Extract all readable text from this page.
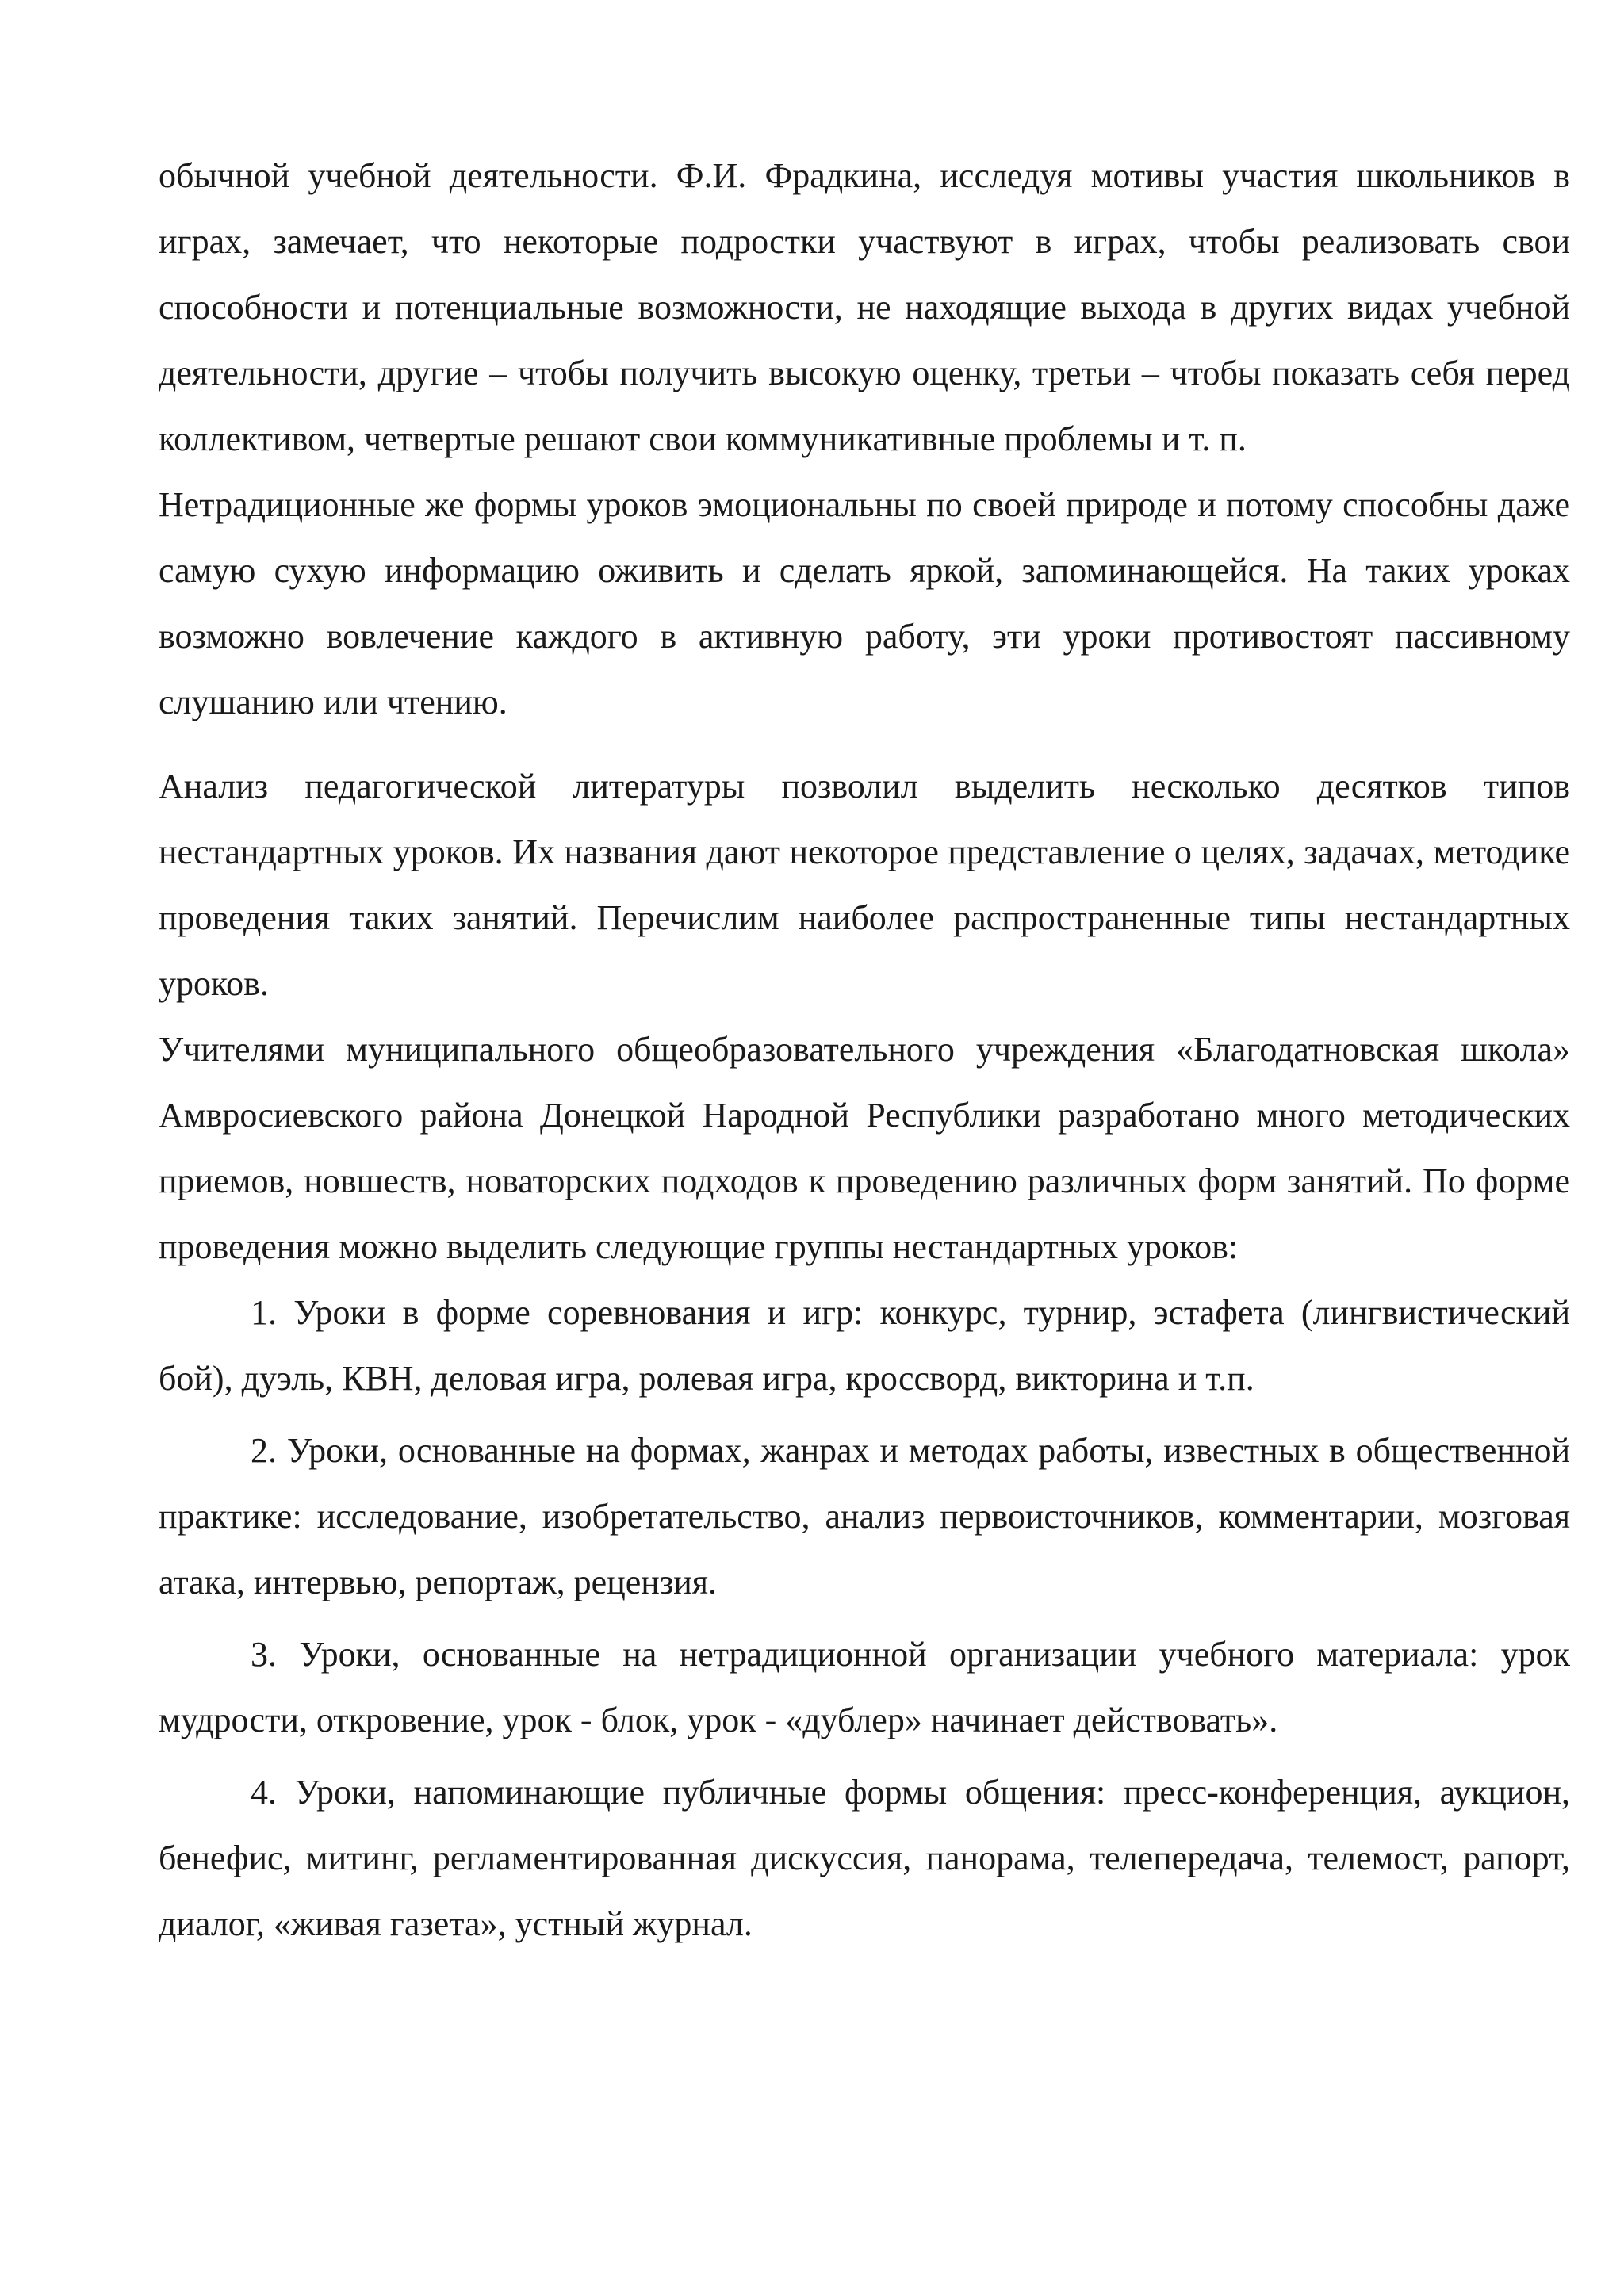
обычной учебной деятельности. Ф.И. Фрадкина, исследуя мотивы участия школьников в играх, замечает, что некоторые подростки участвуют в играх, чтобы реализовать свои способности и потенциальные возможности, не находящие выхода в других видах учебной деятельности, другие – чтобы получить высокую оценку, третьи – чтобы показать себя перед коллективом, четвертые решают свои коммуникативные проблемы и т. п.

Нетрадиционные же формы уроков эмоциональны по своей природе и потому способны даже самую сухую информацию оживить и сделать яркой, запоминающейся. На таких уроках возможно вовлечение каждого в активную работу, эти уроки противостоят пассивному слушанию или чтению.

Анализ педагогической литературы позволил выделить несколько десятков типов нестандартных уроков. Их названия дают некоторое представление о целях, задачах, методике проведения таких занятий. Перечислим наиболее распространенные типы нестандартных уроков.

Учителями муниципального общеобразовательного учреждения «Благодатновская школа» Амвросиевского района Донецкой Народной Республики разработано много методических приемов, новшеств, новаторских подходов к проведению различных форм занятий. По форме проведения можно выделить следующие группы нестандартных уроков:

1. Уроки в форме соревнования и игр: конкурс, турнир, эстафета (лингвистический бой), дуэль, КВН, деловая игра, ролевая игра, кроссворд, викторина и т.п.

2. Уроки, основанные на формах, жанрах и методах работы, известных в общественной практике: исследование, изобретательство, анализ первоисточников, комментарии, мозговая атака, интервью, репортаж, рецензия.

3. Уроки, основанные на нетрадиционной организации учебного материала: урок мудрости, откровение, урок - блок, урок - «дублер» начинает действовать».

4. Уроки, напоминающие публичные формы общения: пресс-конференция, аукцион, бенефис, митинг, регламентированная дискуссия, панорама, телепередача, телемост, рапорт, диалог, «живая газета», устный журнал.
